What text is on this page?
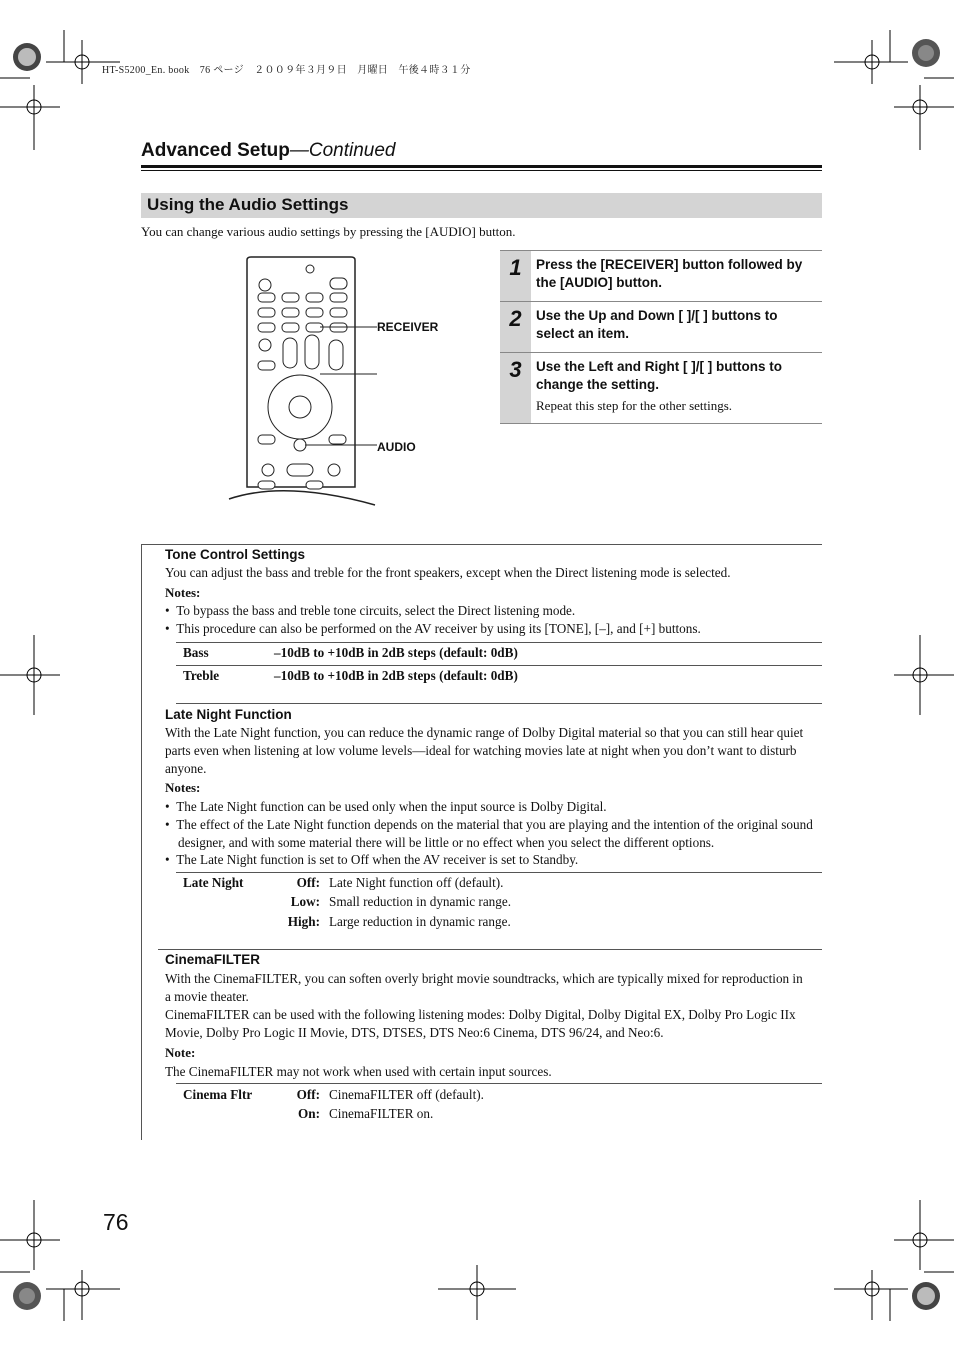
HT-S5200_En. book　76 ページ　２００９年３月９日　月曜日　午後４時３１分
Advanced Setup—Continued
Using the Audio Settings
You can change various audio settings by pressing the [AUDIO] button.
RECEIVER
AUDIO
1	Press the [RECEIVER] button followed by the [AUDIO] button.
2	Use the Up and Down [ ]/[ ] buttons to select an item.
3	Use the Left and Right [ ]/[ ] buttons to change the setting.
Repeat this step for the other settings.
Tone Control Settings
You can adjust the bass and treble for the front speakers, except when the Direct listening mode is selected.
Notes:
•  To bypass the bass and treble tone circuits, select the Direct listening mode.
•  This procedure can also be performed on the AV receiver by using its [TONE], [–], and [+] buttons.
Bass	–10dB to +10dB in 2dB steps (default: 0dB)
Treble	–10dB to +10dB in 2dB steps (default: 0dB)
Late Night Function
With the Late Night function, you can reduce the dynamic range of Dolby Digital material so that you can still hear quiet parts even when listening at low volume levels—ideal for watching movies late at night when you don’t want to disturb anyone.
Notes:
•  The Late Night function can be used only when the input source is Dolby Digital.
•  The effect of the Late Night function depends on the material that you are playing and the intention of the original sound designer, and with some material there will be little or no effect when you select the different options.
•  The Late Night function is set to Off when the AV receiver is set to Standby.
Late Night	Off: Late Night function off (default).
Low: Small reduction in dynamic range.
High: Large reduction in dynamic range.
CinemaFILTER
With the CinemaFILTER, you can soften overly bright movie soundtracks, which are typically mixed for reproduction in a movie theater.
CinemaFILTER can be used with the following listening modes: Dolby Digital, Dolby Digital EX, Dolby Pro Logic IIx Movie, Dolby Pro Logic II Movie, DTS, DTSES, DTS Neo:6 Cinema, DTS 96/24, and Neo:6.
Note:
The CinemaFILTER may not work when used with certain input sources.
Cinema Fltr	Off: CinemaFILTER off (default).
On: CinemaFILTER on.
76
